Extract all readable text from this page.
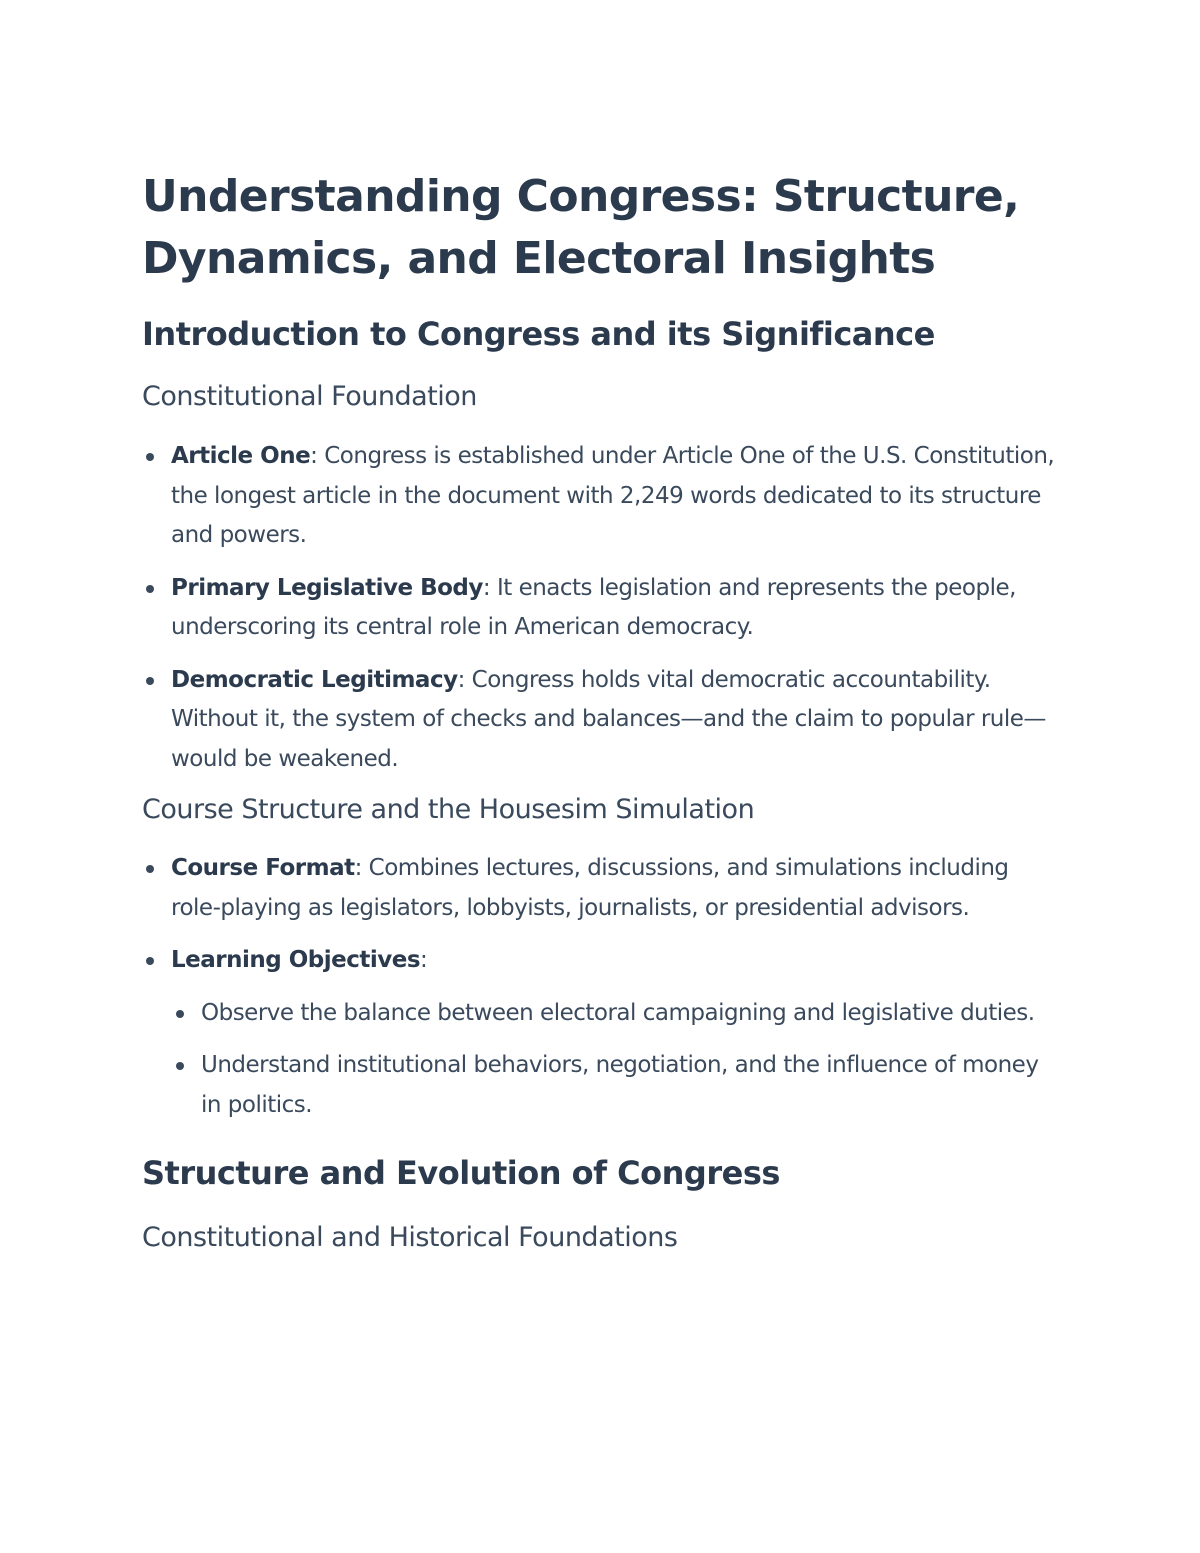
Understanding Congress: Structure, Dynamics, and Electoral Insights
Introduction to Congress and its Significance
Constitutional Foundation
Article One: Congress is established under Article One of the U.S. Constitution, the longest article in the document with 2,249 words dedicated to its structure and powers.
Primary Legislative Body: It enacts legislation and represents the people, underscoring its central role in American democracy.
Democratic Legitimacy: Congress holds vital democratic accountability. Without it, the system of checks and balances—and the claim to popular rule—would be weakened.
Course Structure and the Housesim Simulation
Course Format: Combines lectures, discussions, and simulations including role-playing as legislators, lobbyists, journalists, or presidential advisors.
Learning Objectives:
Observe the balance between electoral campaigning and legislative duties.
Understand institutional behaviors, negotiation, and the influence of money in politics.
Structure and Evolution of Congress
Constitutional and Historical Foundations
